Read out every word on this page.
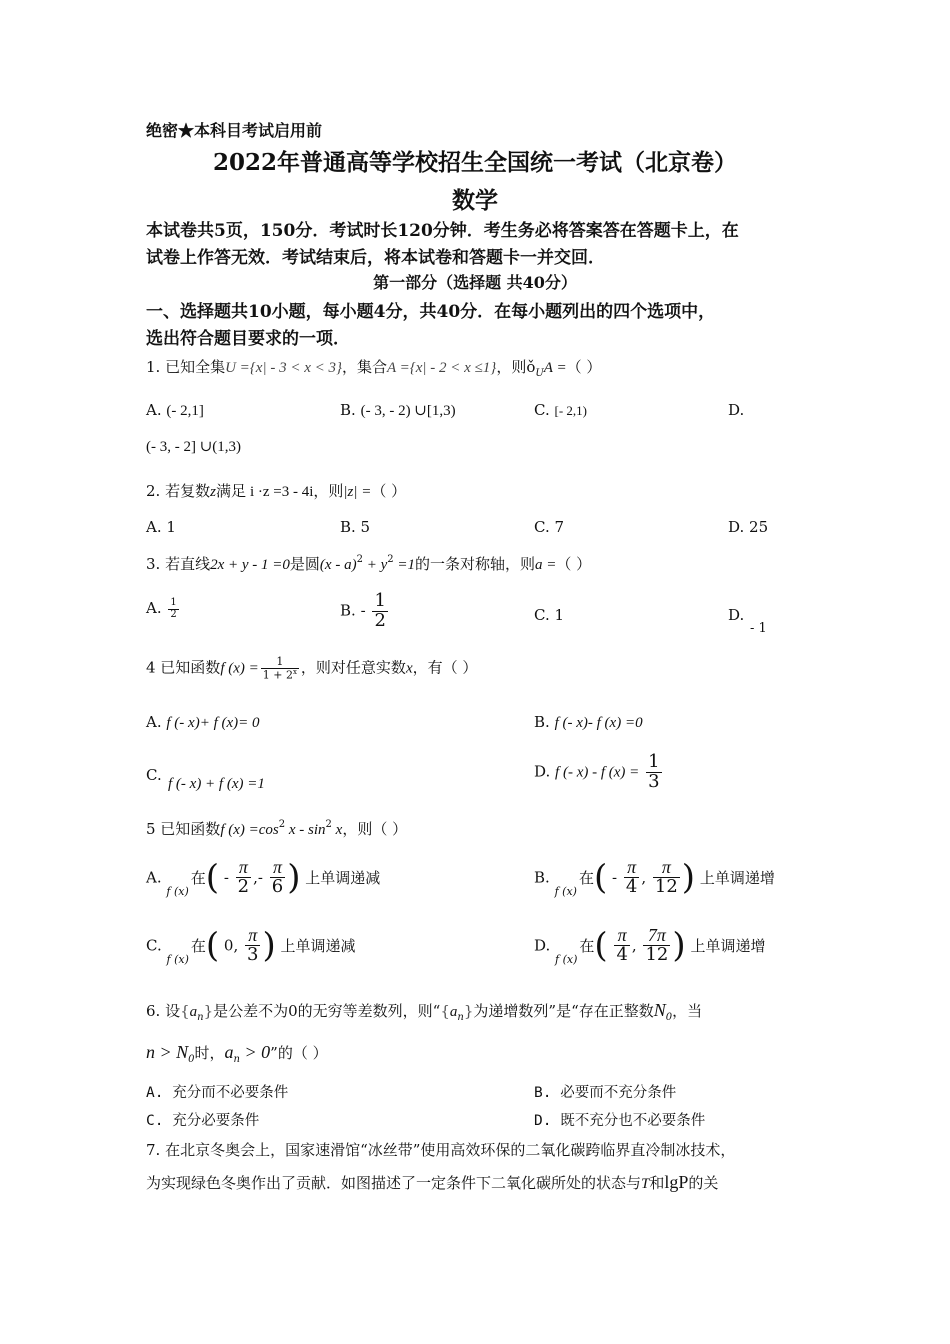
绝密★本科目考试启用前
2022年普通高等学校招生全国统一考试（北京卷）
数学
本试卷共5页，150分．考试时长120分钟．考生务必将答案答在答题卡上，在
试卷上作答无效．考试结束后，将本试卷和答题卡一并交回．
第一部分（选择题 共40分）
一、选择题共10小题，每小题4分，共40分．在每小题列出的四个选项中，
选出符合题目要求的一项．
1. 已知全集U ={x| - 3 < x < 3}，集合A ={x| - 2 < x ≤1}，则$ǒ_UA$ =（ ）
A. (- 2,1]	B. (- 3, - 2) ∪[1,3)	C. [- 2,1)	D.
(- 3, - 2] ∪(1,3)
2. 若复数z满足 i ·z =3 - 4i，则|z| =（ ）
A. 1	B. 5	C. 7	D. 25
3. 若直线2x + y - 1 =0是圆$(x - a)^2 + y^2 =1$的一条对称轴，则a =（ ）
A. $\frac{1}{2}$	B. - $\frac{1}{2}$	C. 1	D.
- 1
4 已知函数f $(x) = \frac{1}{1 + 2^x}$ ，则对任意实数x，有（ ）
A. f (- x)+ f (x)= 0	B. f (- x)- f (x) =0
C. f (- x) + f (x) =1
D. f (- x) - f $(x) = \frac{1}{3}$
5 已知函数f $(x) =\cos^2$ x - $\sin^2 x$，则（ ）
A. $_{f (x)}$在( - $\frac{\pi}{2}$ ,- $\frac{\pi}{6}$ ) 上单调递减	B. $_{f (x)}$在( - $\frac{\pi}{4}$ , $\frac{\pi}{12}$ ) 上单调递增
C. $_{f (x)}$在( 0, $\frac{\pi}{3}$ ) 上单调递减	D. $_{f (x)}$在( $\frac{\pi}{4}$ , $\frac{7\pi}{12}$ ) 上单调递增
6. 设$\{a_n\}$是公差不为0的无穷等差数列，则“$\{a_n\}$为递增数列”是“存在正整数$N_0$，当
$n > N_0$时，$a_n > 0$”的（ ）
A. 充分而不必要条件	B. 必要而不充分条件
C. 充分必要条件	D. 既不充分也不必要条件
7. 在北京冬奥会上，国家速滑馆“冰丝带”使用高效环保的二氧化碳跨临界直冷制冰技术，
为实现绿色冬奥作出了贡献．如图描述了一定条件下二氧化碳所处的状态与T和lgP的关
